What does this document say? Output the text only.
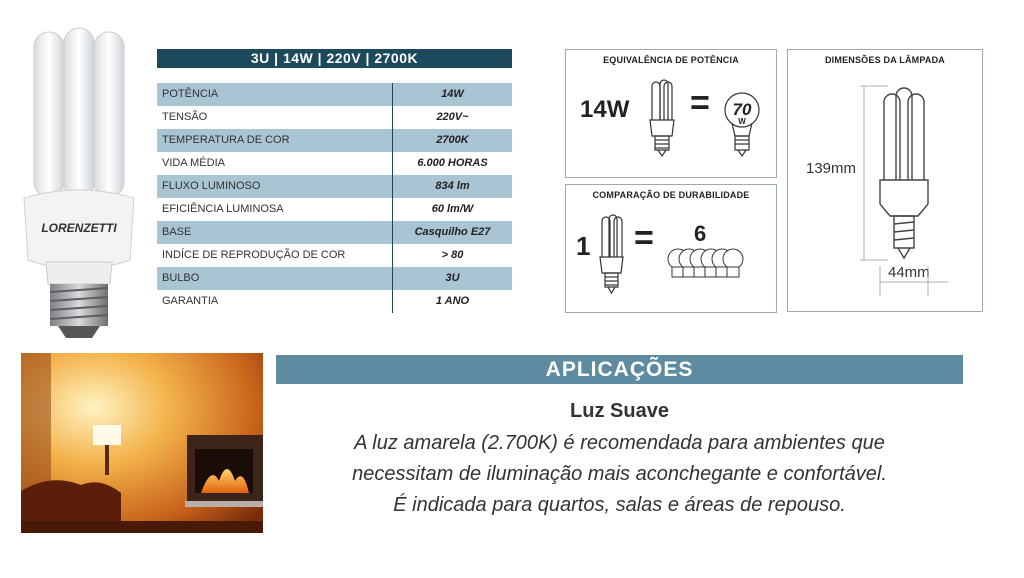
LORENZETTI
3U | 14W | 220V | 2700K
POTÊNCIA	14W
TENSÃO	220V~
TEMPERATURA DE COR	2700K
VIDA MÉDIA	6.000 HORAS
FLUXO LUMINOSO	834 lm
EFICIÊNCIA LUMINOSA	60 lm/W
BASE	Casquilho E27
INDÍCE DE REPRODUÇÃO DE COR	> 80
BULBO	3U
GARANTIA	1 ANO
EQUIVALÊNCIA DE POTÊNCIA
14W = 70
W
COMPARAÇÃO DE DURABILIDADE
1 = 6
DIMENSÕES DA LÂMPADA
139mm
44mm
APLICAÇÕES
Luz Suave
A luz amarela (2.700K) é recomendada para ambientes que
necessitam de iluminação mais aconchegante e confortável.
É indicada para quartos, salas e áreas de repouso.
